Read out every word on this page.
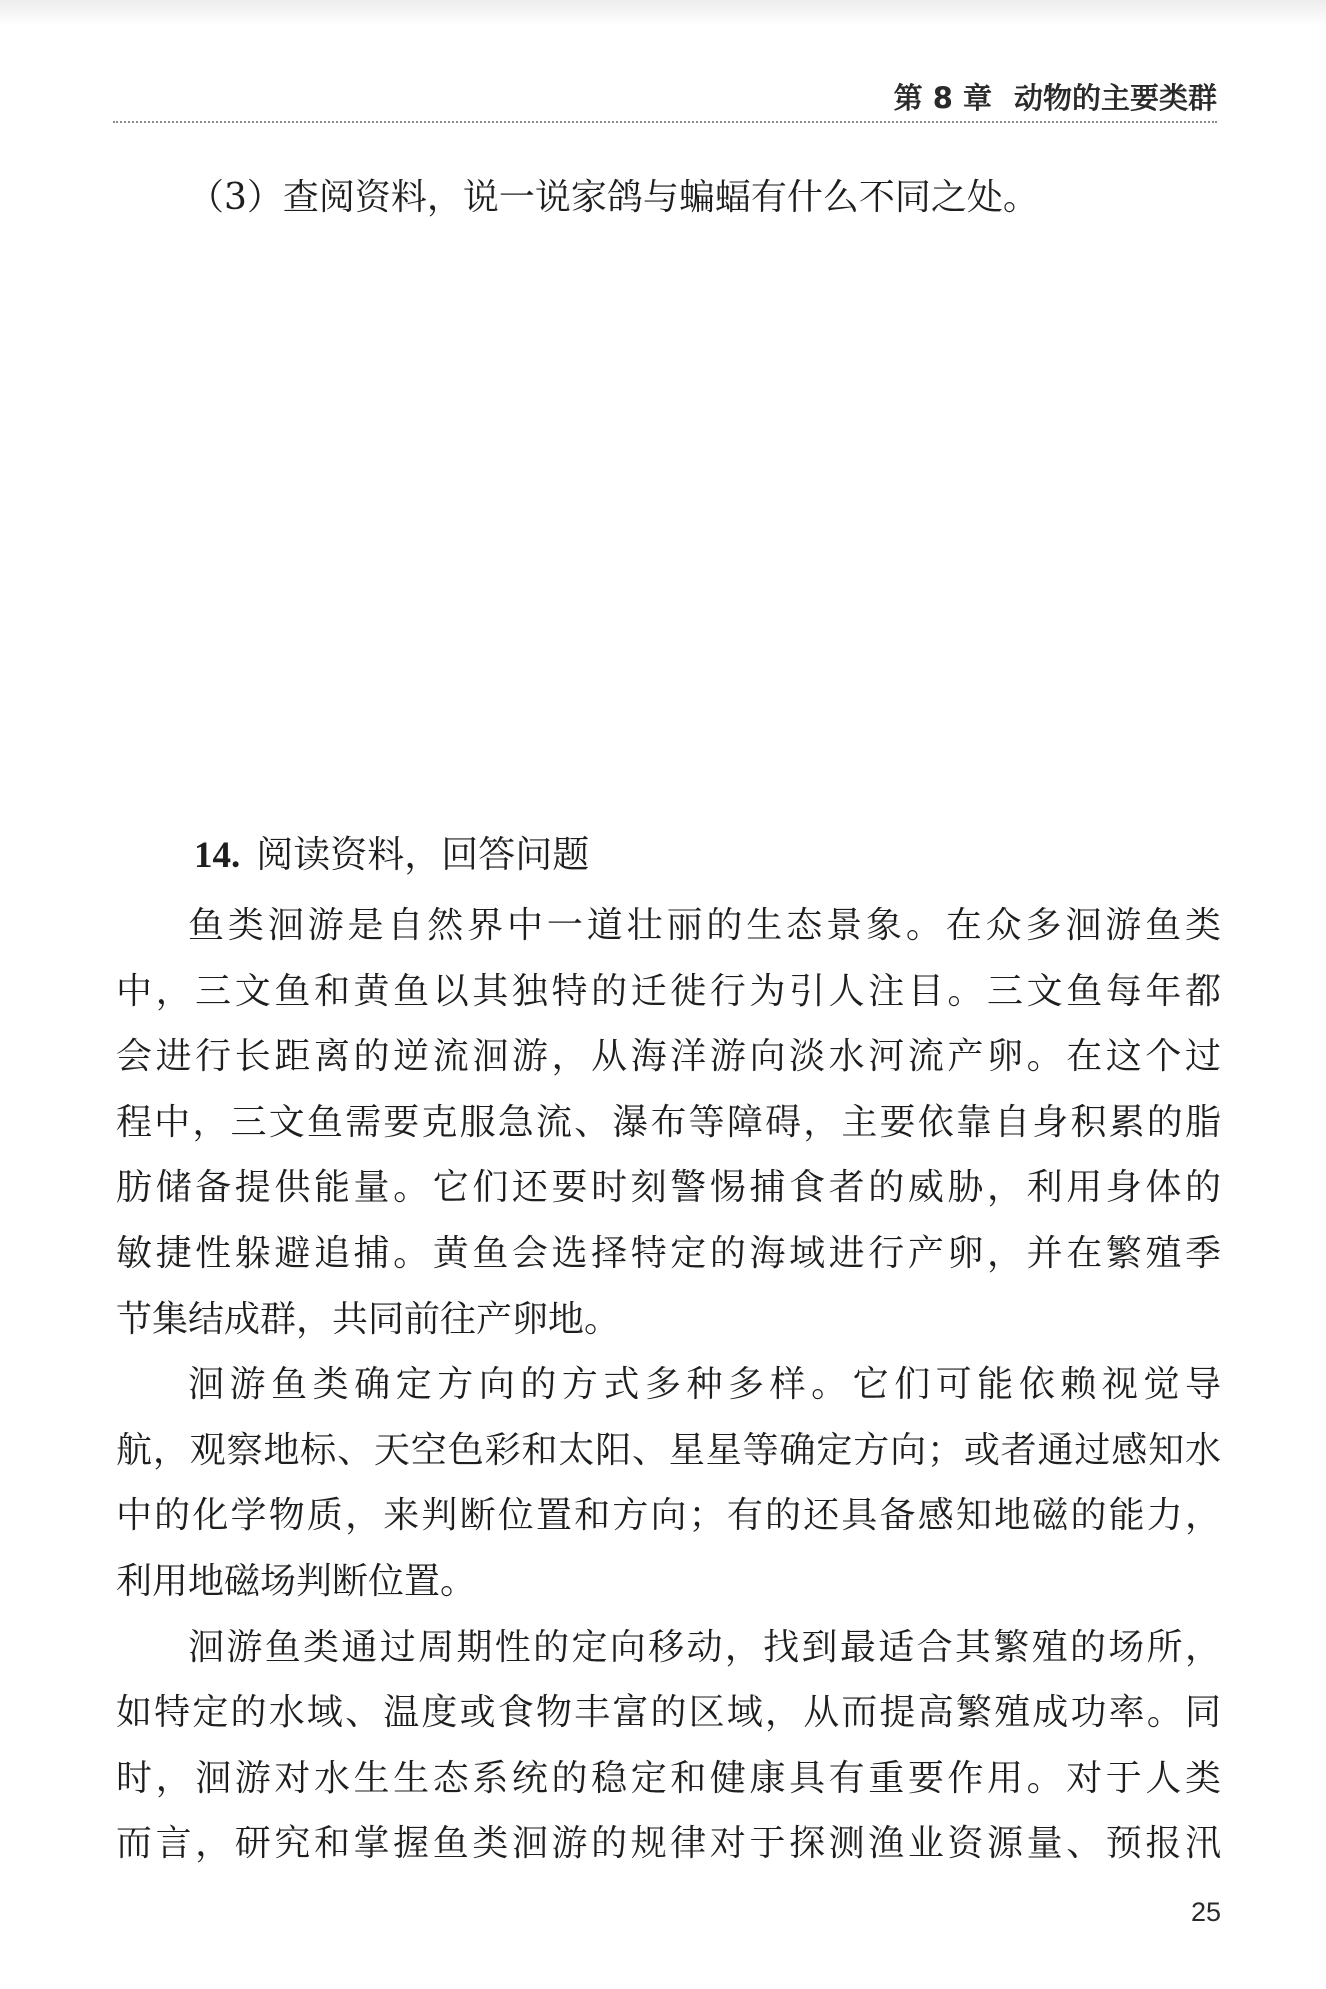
第 8 章 动物的主要类群
（3）查阅资料，说一说家鸽与蝙蝠有什么不同之处。
14. 阅读资料，回答问题
鱼类洄游是自然界中一道壮丽的生态景象。在众多洄游鱼类
中，三文鱼和黄鱼以其独特的迁徙行为引人注目。三文鱼每年都
会进行长距离的逆流洄游，从海洋游向淡水河流产卵。在这个过
程中，三文鱼需要克服急流、瀑布等障碍，主要依靠自身积累的脂
肪储备提供能量。它们还要时刻警惕捕食者的威胁，利用身体的
敏捷性躲避追捕。黄鱼会选择特定的海域进行产卵，并在繁殖季
节集结成群，共同前往产卵地。
洄游鱼类确定方向的方式多种多样。它们可能依赖视觉导
航，观察地标、天空色彩和太阳、星星等确定方向；或者通过感知水
中的化学物质，来判断位置和方向；有的还具备感知地磁的能力，
利用地磁场判断位置。
洄游鱼类通过周期性的定向移动，找到最适合其繁殖的场所，
如特定的水域、温度或食物丰富的区域，从而提高繁殖成功率。同
时，洄游对水生生态系统的稳定和健康具有重要作用。对于人类
而言，研究和掌握鱼类洄游的规律对于探测渔业资源量、预报汛
25
